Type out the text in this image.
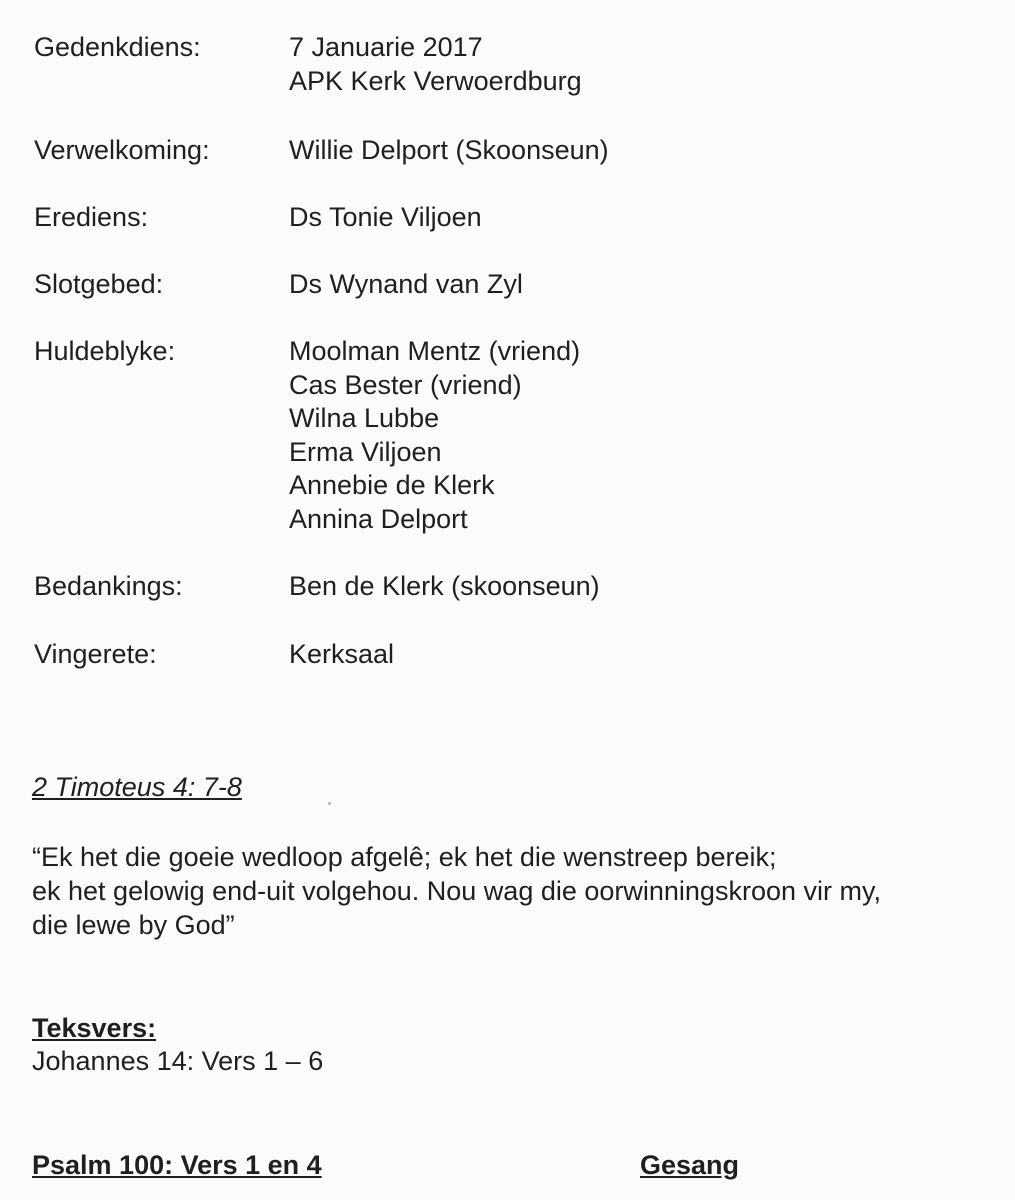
Gedenkdiens:	7 Januarie 2017
APK Kerk Verwoerdburg
Verwelkoming:	Willie Delport (Skoonseun)
Erediens:	Ds Tonie Viljoen
Slotgebed:	Ds Wynand van Zyl
Huldeblyke:	Moolman Mentz (vriend)
Cas Bester (vriend)
Wilna Lubbe
Erma Viljoen
Annebie de Klerk
Annina Delport
Bedankings:	Ben de Klerk (skoonseun)
Vingerete:	Kerksaal
2 Timoteus 4: 7-8
“Ek het die goeie wedloop afgelê; ek het die wenstreep bereik;
ek het gelowig end-uit volgehou. Nou wag die oorwinningskroon vir my,
die lewe by God”
Teksvers:
Johannes 14: Vers 1 – 6
Psalm 100: Vers 1 en 4	Gesang
